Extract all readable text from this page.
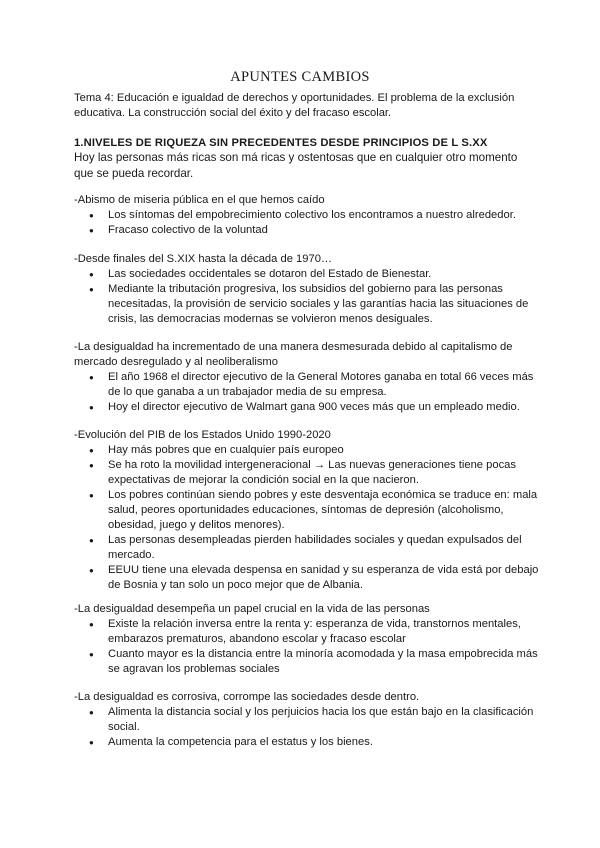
APUNTES CAMBIOS
Tema 4: Educación e igualdad de derechos y oportunidades. El problema de la exclusión educativa. La construcción social del éxito y del fracaso escolar.
1.NIVELES DE RIQUEZA SIN PRECEDENTES DESDE PRINCIPIOS DE L S.XX
Hoy las personas más ricas son má ricas y ostentosas que en cualquier otro momento que se pueda recordar.

-Abismo de miseria pública en el que hemos caído

● Los síntomas del empobrecimiento colectivo los encontramos a nuestro alrededor.
● Fracaso colectivo de la voluntad

-Desde finales del S.XIX hasta la década de 1970…

● Las sociedades occidentales se dotaron del Estado de Bienestar.
● Mediante la tributación progresiva, los subsidios del gobierno para las personas necesitadas, la provisión de servicio sociales y las garantías hacia las situaciones de crisis, las democracias modernas se volvieron menos desiguales.

-La desigualdad ha incrementado de una manera desmesurada debido al capitalismo de mercado desregulado y al neoliberalismo

● El año 1968 el director ejecutivo de la General Motores ganaba en total 66 veces más de lo que ganaba a un trabajador media de su empresa.
● Hoy el director ejecutivo de Walmart gana 900 veces más que un empleado medio.

-Evolución del PIB de los Estados Unido 1990-2020

● Hay más pobres que en cualquier país europeo
● Se ha roto la movilidad intergeneracional → Las nuevas generaciones tiene pocas expectativas de mejorar la condición social en la que nacieron.
● Los pobres continúan siendo pobres y este desventaja económica se traduce en: mala salud, peores oportunidades educaciones, síntomas de depresión (alcoholismo, obesidad, juego y delitos menores).
● Las personas desempleadas pierden habilidades sociales y quedan expulsados del mercado.
● EEUU tiene una elevada despensa en sanidad y su esperanza de vida está por debajo de Bosnia y tan solo un poco mejor que de Albania.

-La desigualdad desempeña un papel crucial en la vida de las personas

● Existe la relación inversa entre la renta y: esperanza de vida, transtornos mentales, embarazos prematuros, abandono escolar y fracaso escolar
● Cuanto mayor es la distancia entre la minoría acomodada y la masa empobrecida más se agravan los problemas sociales

-La desigualdad es corrosiva, corrompe las sociedades desde dentro.

● Alimenta la distancia social y los perjuicios hacia los que están bajo en la clasificación social.
● Aumenta la competencia para el estatus y los bienes.
